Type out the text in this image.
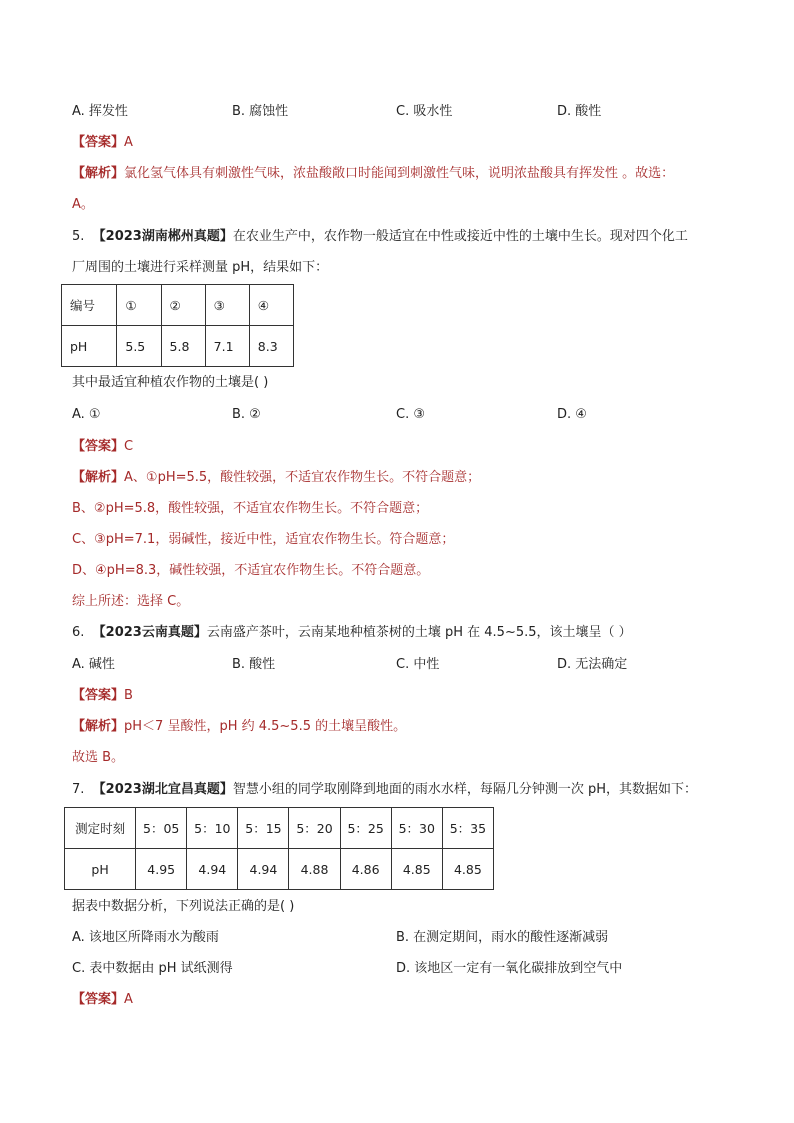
A. 挥发性	B. 腐蚀性	C. 吸水性	D. 酸性
【答案】A
【解析】氯化氢气体具有刺激性气味，浓盐酸敞口时能闻到刺激性气味，说明浓盐酸具有挥发性 。故选：
A。
5. 【2023湖南郴州真题】在农业生产中，农作物一般适宜在中性或接近中性的土壤中生长。现对四个化工
厂周围的土壤进行采样测量 pH，结果如下：
编号	①	②	③	④
pH	5.5	5.8	7.1	8.3
其中最适宜种植农作物的土壤是( )
A. ①	B. ②	C. ③	D. ④
【答案】C
【解析】A、①pH=5.5，酸性较强，不适宜农作物生长。不符合题意；
B、②pH=5.8，酸性较强，不适宜农作物生长。不符合题意；
C、③pH=7.1，弱碱性，接近中性，适宜农作物生长。符合题意；
D、④pH=8.3，碱性较强，不适宜农作物生长。不符合题意。
综上所述：选择 C。
6. 【2023云南真题】云南盛产茶叶，云南某地种植茶树的土壤 pH 在 4.5~5.5，该土壤呈（ ）
A. 碱性	B. 酸性	C. 中性	D. 无法确定
【答案】B
【解析】pH＜7 呈酸性，pH 约 4.5~5.5 的土壤呈酸性。
故选 B。
7. 【2023湖北宜昌真题】智慧小组的同学取刚降到地面的雨水水样，每隔几分钟测一次 pH，其数据如下：
测定时刻	5：05	5：10	5：15	5：20	5：25	5：30	5：35
pH	4.95	4.94	4.94	4.88	4.86	4.85	4.85
据表中数据分析，下列说法正确的是( )
A. 该地区所降雨水为酸雨	B. 在测定期间，雨水的酸性逐渐减弱
C. 表中数据由 pH 试纸测得	D. 该地区一定有一氧化碳排放到空气中
【答案】A
